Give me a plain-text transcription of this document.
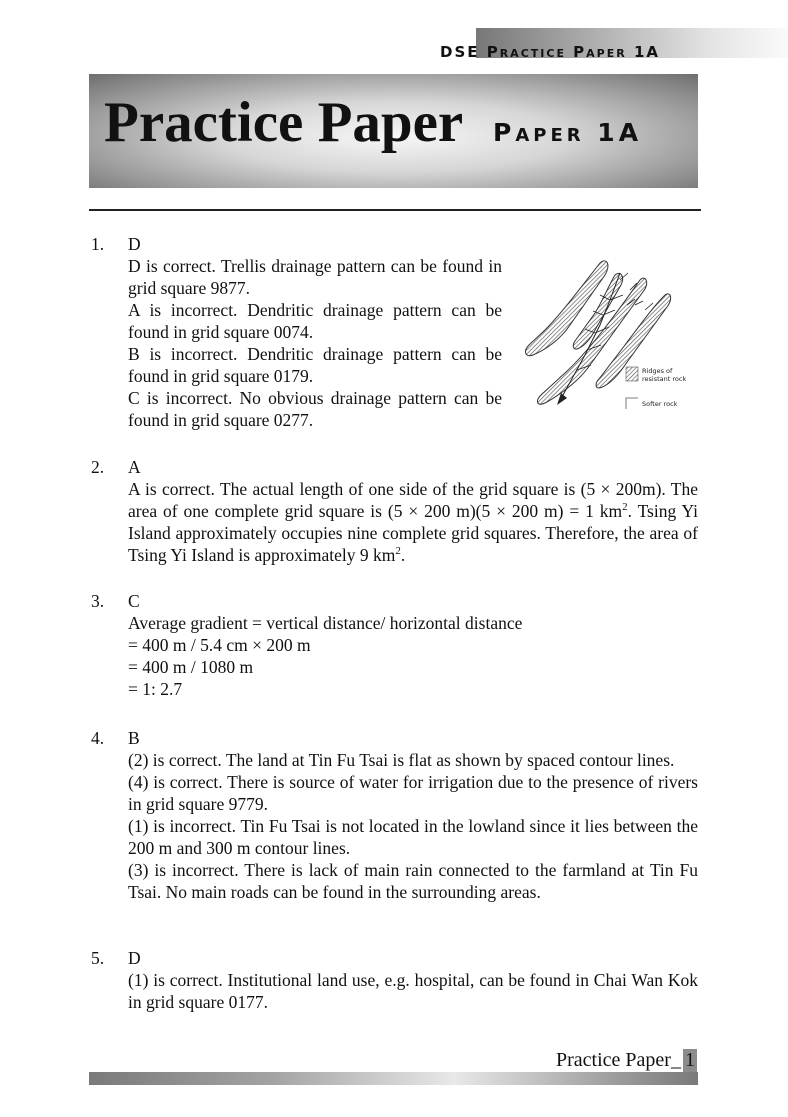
DSE Practice Paper 1A
Practice Paper Paper 1A
1. D

D is correct. Trellis drainage pattern can be found in grid square 9877.

A is incorrect. Dendritic drainage pattern can be found in grid square 0074.

B is incorrect. Dendritic drainage pattern can be found in grid square 0179.

C is incorrect. No obvious drainage pattern can be found in grid square 0277.

Ridges of
resistant rock
Softer rock
2. A

A is correct. The actual length of one side of the grid square is (5 × 200m). The area of one complete grid square is (5 × 200 m)(5 × 200 m) = 1 $km^2$. Tsing Yi Island approximately occupies nine complete grid squares. Therefore, the area of Tsing Yi Island is approximately 9 $km^2$.

3. C

Average gradient = vertical distance/ horizontal distance

= 400 m / 5.4 cm × 200 m

= 400 m / 1080 m

= 1: 2.7

4. B

(2) is correct. The land at Tin Fu Tsai is flat as shown by spaced contour lines.

(4) is correct. There is source of water for irrigation due to the presence of rivers in grid square 9779.

(1) is incorrect. Tin Fu Tsai is not located in the lowland since it lies between the 200 m and 300 m contour lines.

(3) is incorrect. There is lack of main rain connected to the farmland at Tin Fu Tsai. No main roads can be found in the surrounding areas.

5. D

(1) is correct. Institutional land use, e.g. hospital, can be found in Chai Wan Kok in grid square 0177.

Practice Paper_ 1
